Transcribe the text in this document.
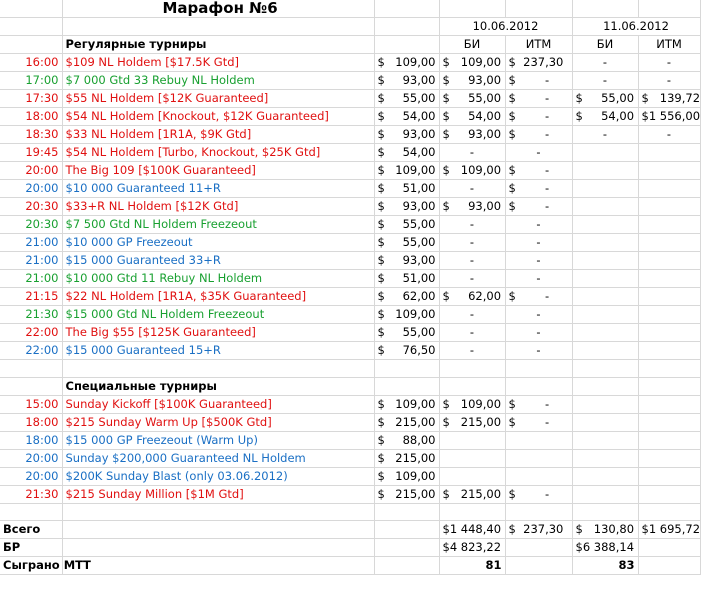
	Марафон №6					
			10.06.2012		11.06.2012	
	Регулярные турниры		БИ	ИТМ	БИ	ИТМ
16:00	$109 NL Holdem [$17.5K Gtd]	$ 109,00	$   109,00	$  237,30	-	-
17:00	$7 000 Gtd 33 Rebuy NL Holdem	$ 93,00	$     93,00	$        -	-	-
17:30	$55 NL Holdem [$12K Guaranteed]	$ 55,00	$     55,00	$        -	$     55,00	$   139,72
18:00	$54 NL Holdem [Knockout, $12K Guaranteed]	$ 54,00	$     54,00	$        -	$     54,00	$1 556,00
18:30	$33 NL Holdem [1R1A, $9K Gtd]	$ 93,00	$     93,00	$        -	-	-
19:45	$54 NL Holdem [Turbo, Knockout, $25K Gtd]	$ 54,00	-	-		
20:00	The Big 109 [$100K Guaranteed]	$ 109,00	$   109,00	$        -		
20:00	$10 000 Guaranteed 11+R	$ 51,00	-	$        -		
20:30	$33+R NL Holdem [$12K Gtd]	$ 93,00	$     93,00	$        -		
20:30	$7 500 Gtd NL Holdem Freezeout	$ 55,00	-	-		
21:00	$10 000 GP Freezeout	$ 55,00	-	-		
21:00	$15 000 Guaranteed 33+R	$ 93,00	-	-		
21:00	$10 000 Gtd 11 Rebuy NL Holdem	$ 51,00	-	-		
21:15	$22 NL Holdem [1R1A, $35K Guaranteed]	$ 62,00	$     62,00	$        -		
21:30	$15 000 Gtd NL Holdem Freezeout	$ 109,00	-	-		
22:00	The Big $55 [$125K Guaranteed]	$ 55,00	-	-		
22:00	$15 000 Guaranteed 15+R	$ 76,50	-	-		

	Специальные турниры					
15:00	Sunday Kickoff [$100K Guaranteed]	$ 109,00	$   109,00	$        -		
18:00	$215 Sunday Warm Up [$500K Gtd]	$ 215,00	$   215,00	$        -		
18:00	$15 000 GP Freezeout (Warm Up)	$ 88,00				

20:00	Sunday $200,000 Guaranteed NL Holdem	$ 215,00				

20:00	$200K Sunday Blast (only 03.06.2012)	$ 109,00				

21:30	$215 Sunday Million [$1M Gtd]	$ 215,00	$   215,00	$        -		

Всего			$1 448,40	$  237,30	$   130,80	$1 695,72
БР			$4 823,22		$6 388,14	
Сыграно МТТ			81		83	
